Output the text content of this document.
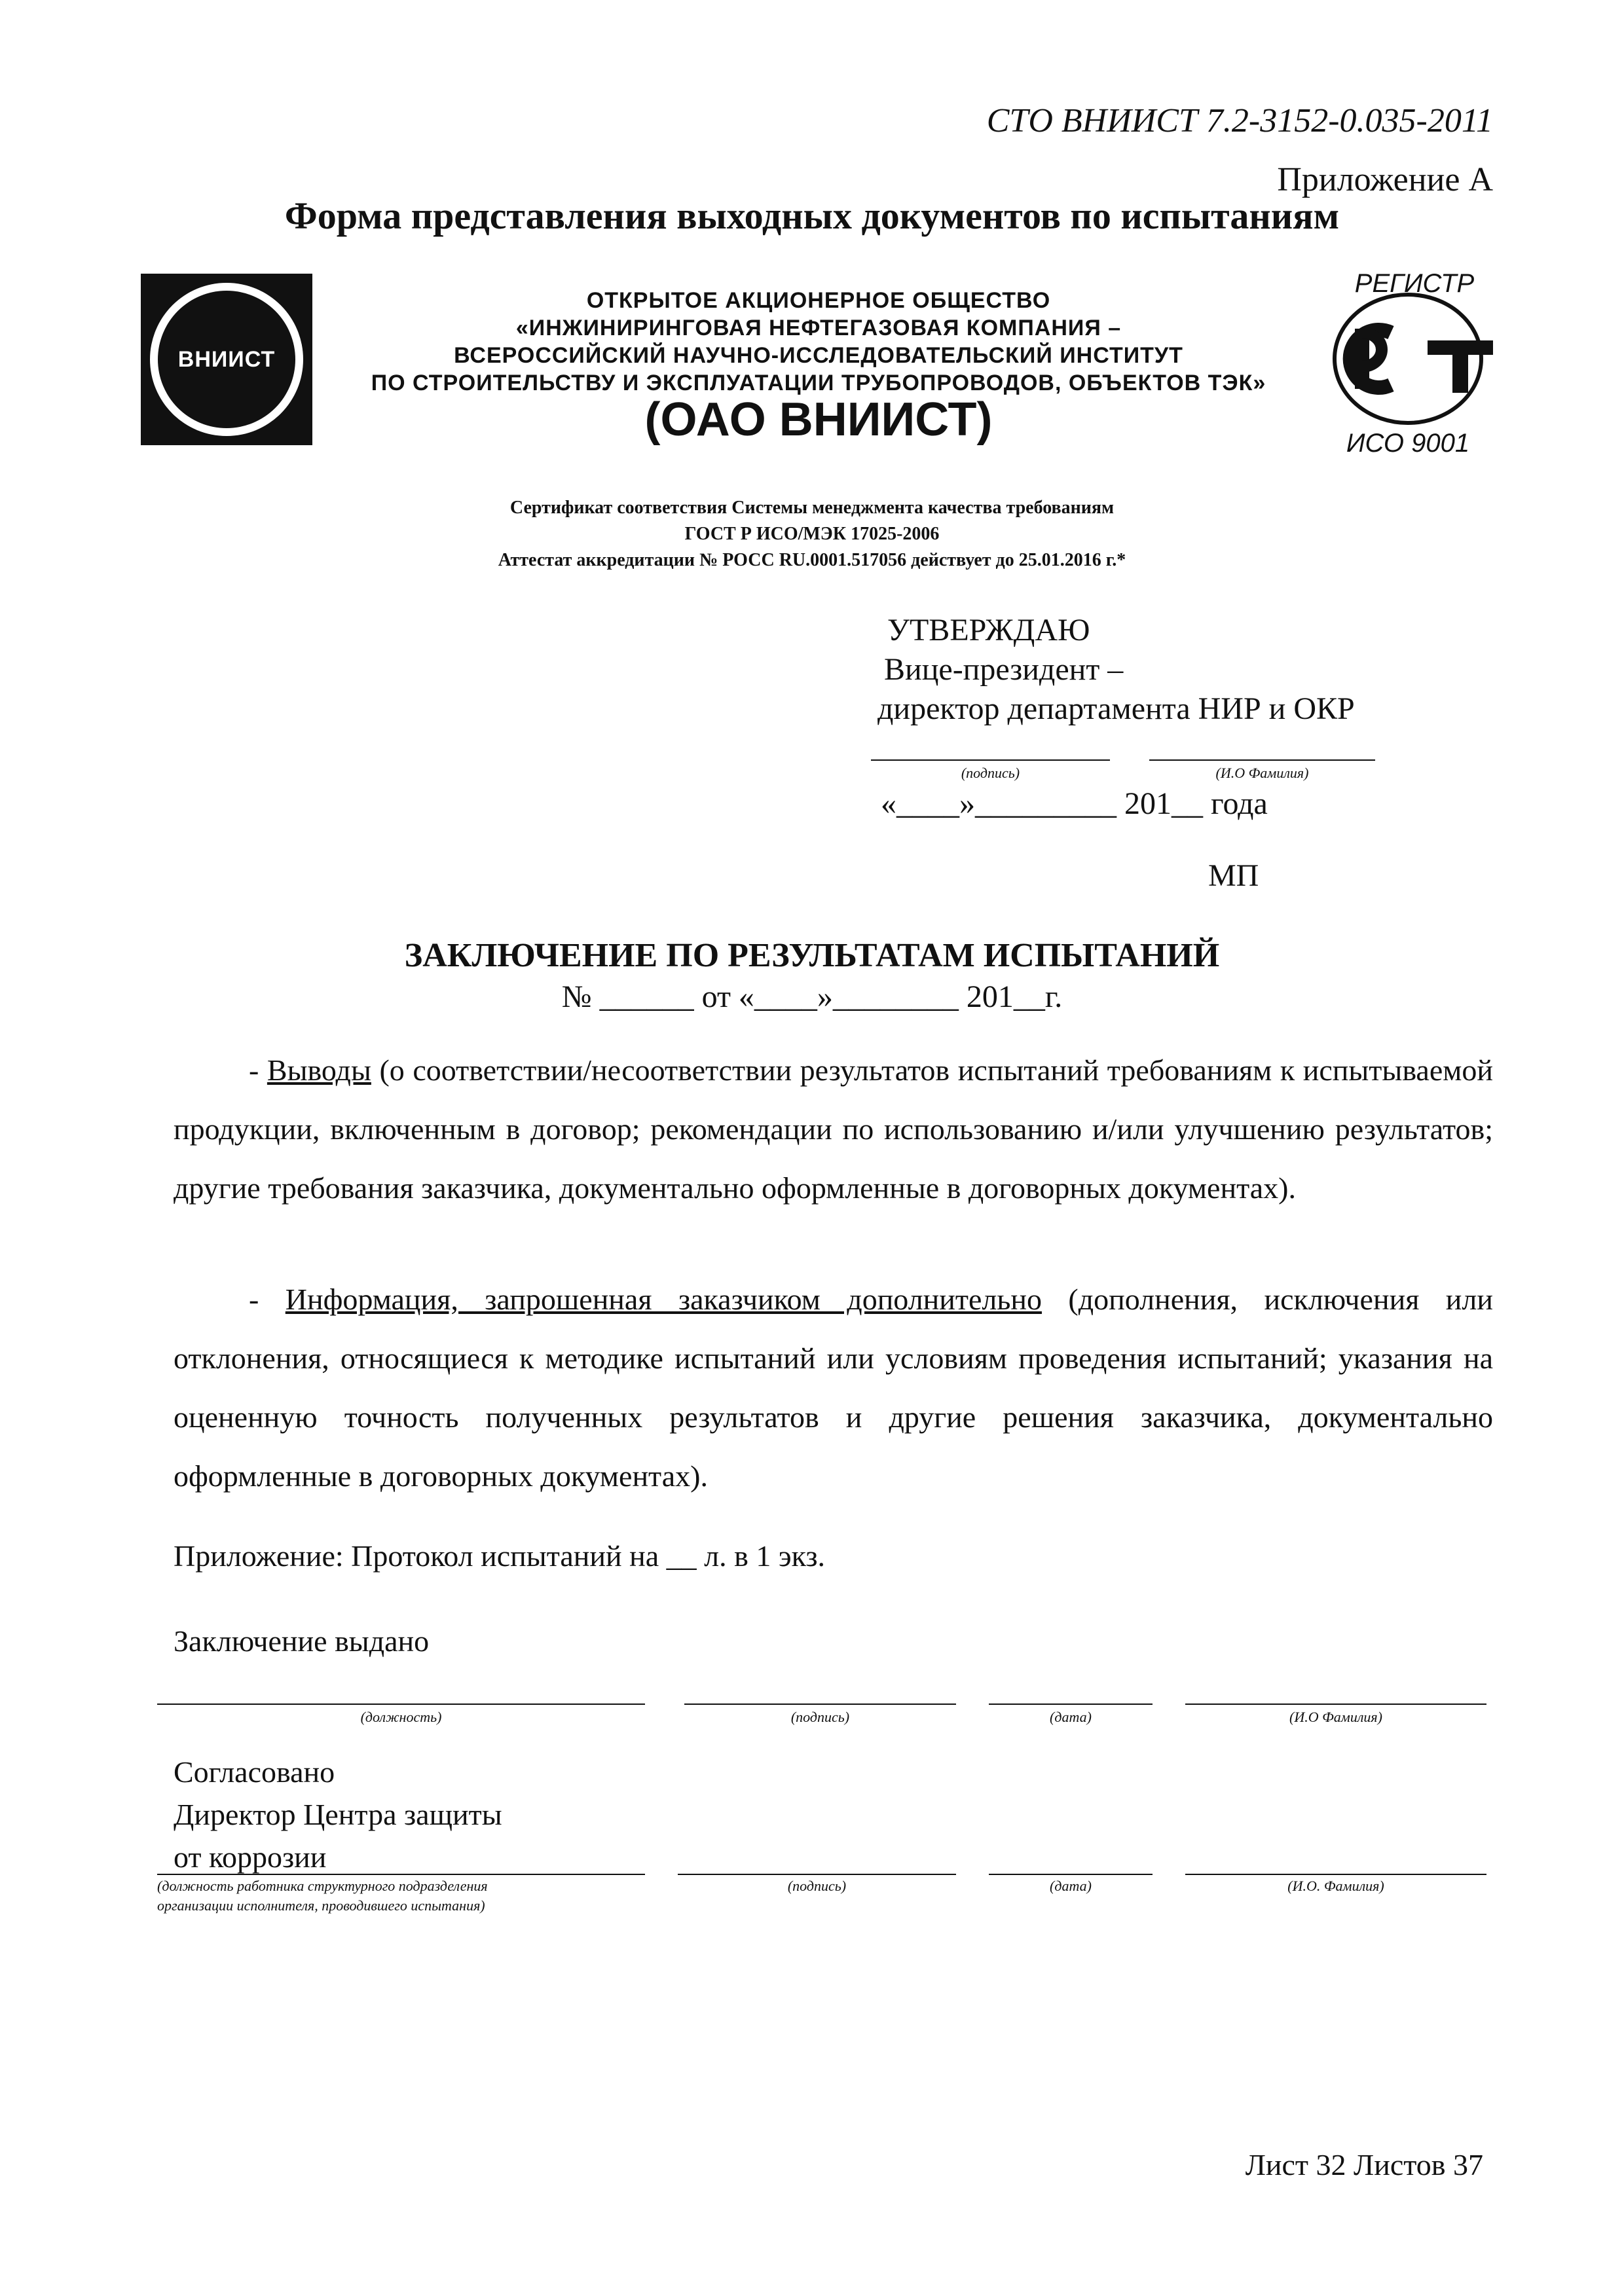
СТО ВНИИСТ 7.2-3152-0.035-2011
Приложение А
Форма представления выходных документов по испытаниям
ВНИИСТ
ОТКРЫТОЕ АКЦИОНЕРНОЕ ОБЩЕСТВО
«ИНЖИНИРИНГОВАЯ НЕФТЕГАЗОВАЯ КОМПАНИЯ –
ВСЕРОССИЙСКИЙ НАУЧНО-ИССЛЕДОВАТЕЛЬСКИЙ ИНСТИТУТ
ПО СТРОИТЕЛЬСТВУ И ЭКСПЛУАТАЦИИ ТРУБОПРОВОДОВ, ОБЪЕКТОВ ТЭК»
(ОАО ВНИИСТ)
РЕГИСТР
ИСО 9001
Сертификат соответствия Системы менеджмента качества требованиям
ГОСТ Р ИСО/МЭК 17025-2006
Аттестат аккредитации № РОСС RU.0001.517056 действует до 25.01.2016 г.*
УТВЕРЖДАЮ
Вице-президент –
директор департамента НИР и ОКР
(подпись)	(И.О Фамилия)
«____»_________ 201__ года
МП
ЗАКЛЮЧЕНИЕ ПО РЕЗУЛЬТАТАМ ИСПЫТАНИЙ
№ ______ от «____»________ 201__г.
- Выводы (о соответствии/несоответствии результатов испытаний требованиям к испытываемой продукции, включенным в договор; рекомендации по использованию и/или улучшению результатов; другие требования заказчика, документально оформленные в договорных документах).
- Информация, запрошенная заказчиком дополнительно (дополнения, исключения или отклонения, относящиеся к методике испытаний или условиям проведения испытаний; указания на оцененную точность полученных результатов и другие решения заказчика, документально оформленные в договорных документах).
Приложение: Протокол испытаний на __ л. в 1 экз.
Заключение выдано
(должность)	(подпись)	(дата)	(И.О Фамилия)
Согласовано
Директор Центра защиты
от коррозии
(должность работника структурного подразделения
организации исполнителя, проводившего испытания)
(подпись)	(дата)	(И.О. Фамилия)
Лист 32 Листов 37
